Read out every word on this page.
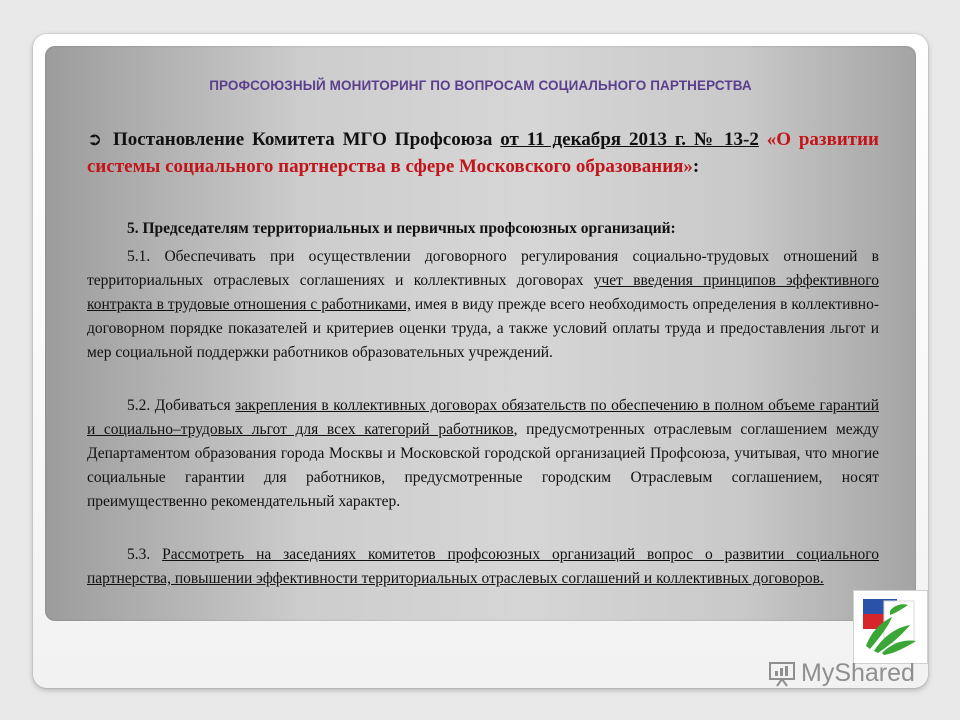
ПРОФСОЮЗНЫЙ МОНИТОРИНГ ПО ВОПРОСАМ СОЦИАЛЬНОГО ПАРТНЕРСТВА

➲ Постановление Комитета МГО Профсоюза от 11 декабря 2013 г. № 13-2 «О развитии системы социального партнерства в сфере Московского образования»:

5. Председателям территориальных и первичных профсоюзных организаций:

5.1. Обеспечивать при осуществлении договорного регулирования социально-трудовых отношений в территориальных отраслевых соглашениях и коллективных договорах учет введения принципов эффективного контракта в трудовые отношения с работниками, имея в виду прежде всего необходимость определения в коллективно-договорном порядке показателей и критериев оценки труда, а также условий оплаты труда и предоставления льгот и мер социальной поддержки работников образовательных учреждений.

5.2. Добиваться закрепления в коллективных договорах обязательств по обеспечению в полном объеме гарантий и социально–трудовых льгот для всех категорий работников, предусмотренных отраслевым соглашением между Департаментом образования города Москвы и Московской городской организацией Профсоюза, учитывая, что многие социальные гарантии для работников, предусмотренные городским Отраслевым соглашением, носят преимущественно рекомендательный характер.

5.3. Рассмотреть на заседаниях комитетов профсоюзных организаций вопрос о развитии социального партнерства, повышении эффективности территориальных отраслевых соглашений и коллективных договоров.

MyShared
